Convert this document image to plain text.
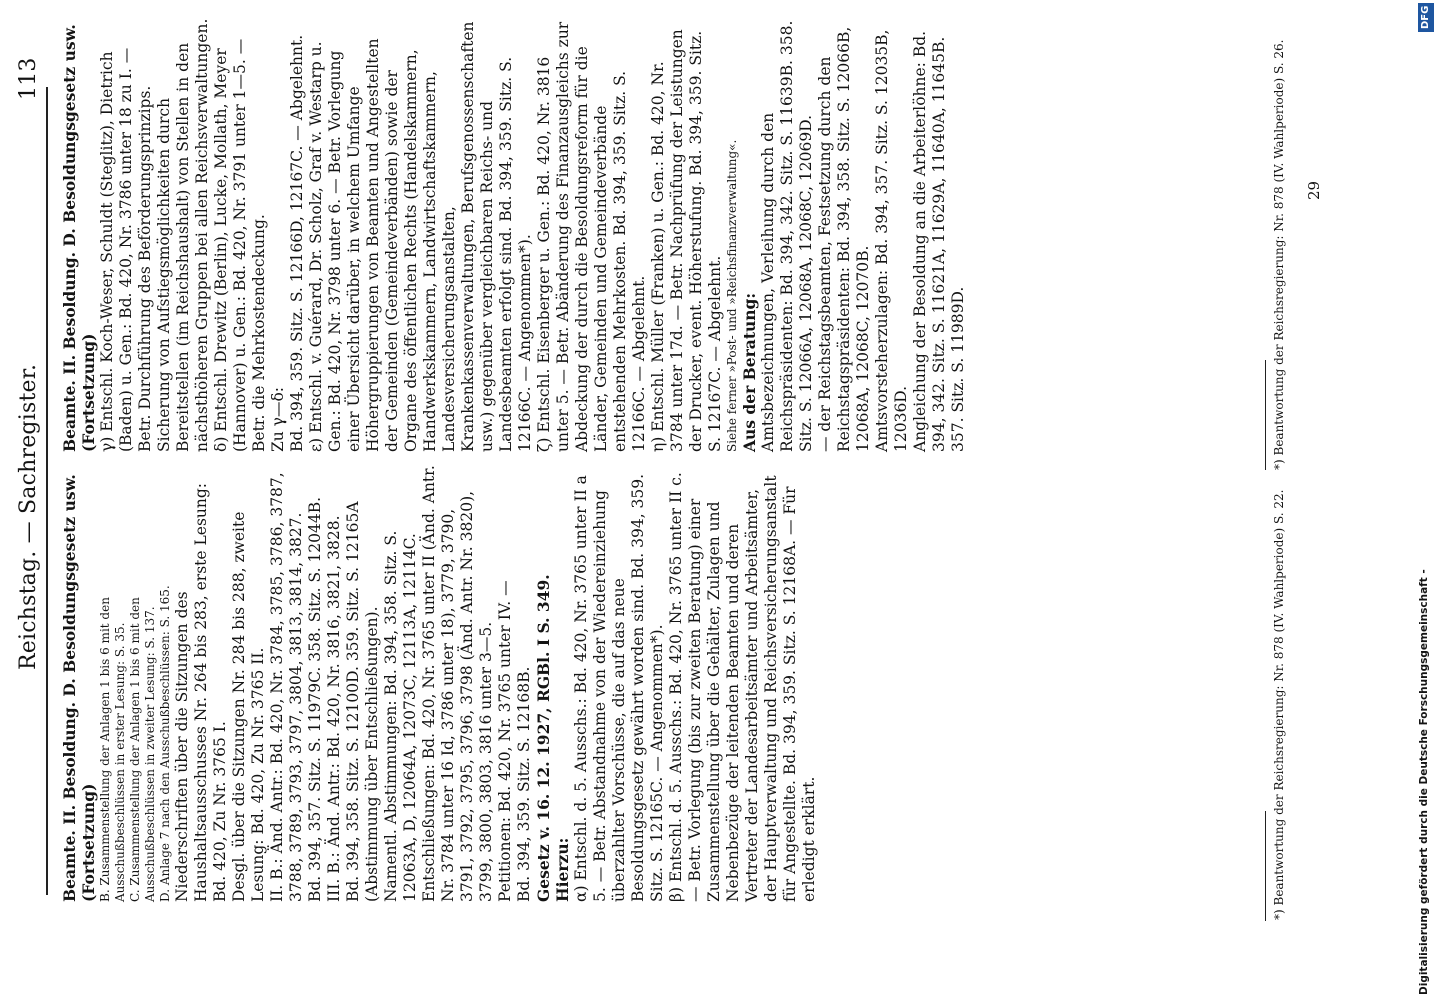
Reichstag. — Sachregister.
113

Beamte. II. Besoldung. D. Besoldungsgesetz usw. (Fortsetzung) B. Zusammenstellung der Anlagen 1 bis 6 mit den Ausschußbeschlüssen in erster Lesung: S. 35. C. Zusammenstellung der Anlagen 1 bis 6 mit den Ausschußbeschlüssen in zweiter Lesung: S. 137. D. Anlage 7 nach den Ausschußbeschlüssen: S. 165. Niederschriften über die Sitzungen des Haushaltsausschusses Nr. 264 bis 283, erste Lesung: Bd. 420, Zu Nr. 3765 I. Desgl. über die Sitzungen Nr. 284 bis 288, zweite Lesung: Bd. 420, Zu Nr. 3765 II. II. B.: Änd. Antr.: Bd. 420, Nr. 3784, 3785, 3786, 3787, 3788, 3789, 3793, 3797, 3804, 3813, 3814, 3827. Bd. 394, 357. Sitz. S. 11979C. 358. Sitz. S. 12044B. III. B.: Änd. Antr.: Bd. 420, Nr. 3816, 3821, 3828. Bd. 394, 358. Sitz. S. 12100D. 359. Sitz. S. 12165A (Abstimmung über Entschließungen). Namentl. Abstimmungen: Bd. 394, 358. Sitz. S. 12063A, D, 12064A, 12073C, 12113A, 12114C. Entschließungen: Bd. 420, Nr. 3765 unter II (Änd. Antr. Nr. 3784 unter 16 Id, 3786 unter 18), 3779, 3790, 3791, 3792, 3795, 3796, 3798 (Änd. Antr. Nr. 3820), 3799, 3800, 3803, 3816 unter 3—5. Petitionen: Bd. 420, Nr. 3765 unter IV. — Bd. 394, 359. Sitz. S. 12168B. Gesetz v. 16. 12. 1927, RGBl. I S. 349. Hierzu: α) Entschl. d. 5. Ausschs.: Bd. 420, Nr. 3765 unter II a 5. — Betr. Abstandnahme von der Wiedereinziehung überzahlter Vorschüsse, die auf das neue Besoldungsgesetz gewährt worden sind. Bd. 394, 359. Sitz. S. 12165C. — Angenommen*). β) Entschl. d. 5. Ausschs.: Bd. 420, Nr. 3765 unter II c. — Betr. Vorlegung (bis zur zweiten Beratung) einer Zusammenstellung über die Gehälter, Zulagen und Nebenbezüge der leitenden Beamten und deren Vertreter der Landesarbeitsämter und Arbeitsämter, der Hauptverwaltung und Reichsversicherungsanstalt für Angestellte. Bd. 394, 359. Sitz. S. 12168A. — Für erledigt erklärt.	*) Beantwortung der Reichsregierung: Nr. 878 (IV. Wahlperiode) S. 22.

Beamte. II. Besoldung. D. Besoldungsgesetz usw. (Fortsetzung) γ) Entschl. Koch-Weser, Schuldt (Steglitz), Dietrich (Baden) u. Gen.: Bd. 420, Nr. 3786 unter 18 zu I. — Betr. Durchführung des Beförderungsprinzips. Sicherung von Aufstiegsmöglichkeiten durch Bereitstellen (im Reichshaushalt) von Stellen in den nächsthöheren Gruppen bei allen Reichsverwaltungen. δ) Entschl. Drewitz (Berlin), Lucke, Mollath, Meyer (Hannover) u. Gen.: Bd. 420, Nr. 3791 unter 1—5. — Betr. die Mehrkostendeckung. Zu γ—δ: Bd. 394, 359. Sitz. S. 12166D, 12167C. — Abgelehnt. ε) Entschl. v. Guérard, Dr. Scholz, Graf v. Westarp u. Gen.: Bd. 420, Nr. 3798 unter 6. — Betr. Vorlegung einer Übersicht darüber, in welchem Umfange Höhergruppierungen von Beamten und Angestellten der Gemeinden (Gemeindeverbänden) sowie der Organe des öffentlichen Rechts (Handelskammern, Handwerkskammern, Landwirtschaftskammern, Landesversicherungsanstalten, Krankenkassenverwaltungen, Berufsgenossenschaften usw.) gegenüber vergleichbaren Reichs- und Landesbeamten erfolgt sind. Bd. 394, 359. Sitz. S. 12166C. — Angenommen*). ζ) Entschl. Eisenberger u. Gen.: Bd. 420, Nr. 3816 unter 5. — Betr. Abänderung des Finanzausgleichs zur Abdeckung der durch die Besoldungsreform für die Länder, Gemeinden und Gemeindeverbände entstehenden Mehrkosten. Bd. 394, 359. Sitz. S. 12166C. — Abgelehnt. η) Entschl. Müller (Franken) u. Gen.: Bd. 420, Nr. 3784 unter 17d. — Betr. Nachprüfung der Leistungen der Drucker, event. Höherstufung. Bd. 394, 359. Sitz. S. 12167C. — Abgelehnt. Siehe ferner »Post- und »Reichsfinanzverwaltung«. Aus der Beratung: Amtsbezeichnungen, Verleihung durch den Reichspräsidenten: Bd. 394, 342. Sitz. S. 11639B. 358. Sitz. S. 12066A, 12068A, 12068C, 12069D. — der Reichstagsbeamten, Festsetzung durch den Reichstagspräsidenten: Bd. 394, 358. Sitz. S. 12066B, 12068A, 12068C, 12070B. Amtsvorsteherzulagen: Bd. 394, 357. Sitz. S. 12035B, 12036D. Angleichung der Besoldung an die Arbeiterlöhne: Bd. 394, 342. Sitz. S. 11621A, 11629A, 11640A, 11645B. 357. Sitz. S. 11989D.	*) Beantwortung der Reichsregierung: Nr. 878 (IV. Wahlperiode) S. 26. 29
Digitalisierung gefördert durch die Deutsche Forschungsgemeinschaft -
DFG
